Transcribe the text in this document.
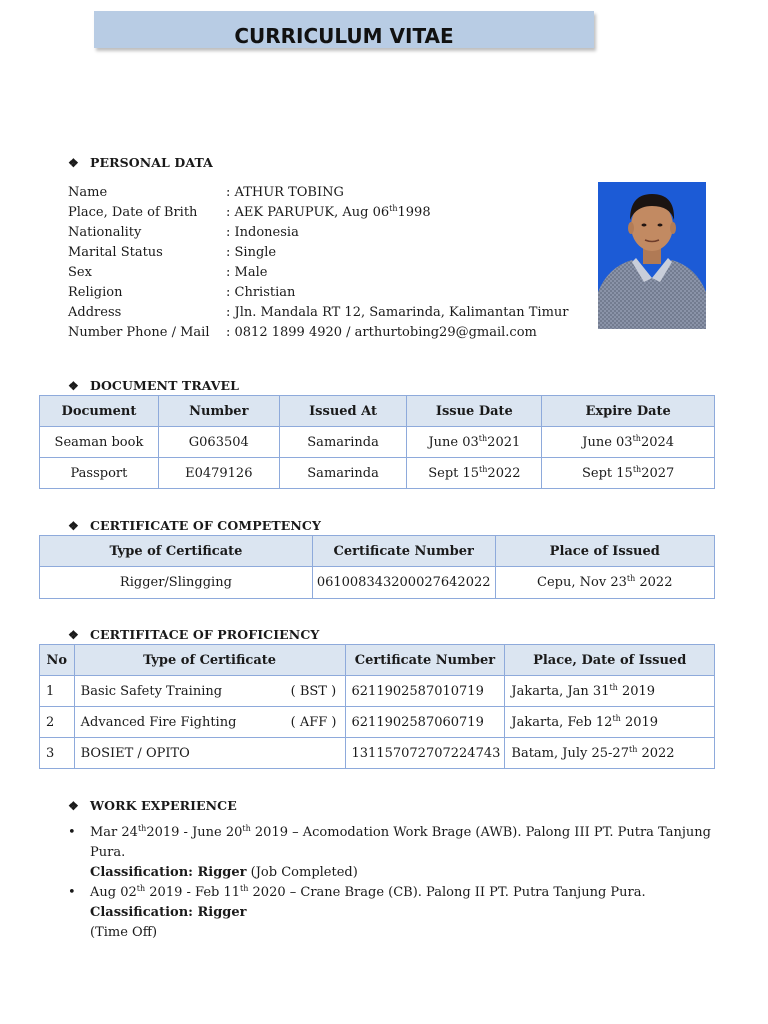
CURRICULUM VITAE
❖ PERSONAL DATA
Name	: ATHUR TOBING
Place, Date of Brith : AEK PARUPUK, Aug 06th1998
Nationality	: Indonesia
Marital Status	: Single
Sex	: Male
Religion	: Christian
Address	: Jln. Mandala RT 12, Samarinda, Kalimantan Timur
Number Phone / Mail : 0812 1899 4920 / arthurtobing29@gmail.com
❖ DOCUMENT TRAVEL
Document	Number	Issued At	Issue Date	Expire Date
Seaman book	G063504	Samarinda	June 03th2021	June 03th2024
Passport	E0479126	Samarinda	Sept 15th2022	Sept 15th2027
❖ CERTIFICATE OF COMPETENCY
Type of Certificate	Certificate Number	Place of Issued
Rigger/Slingging	061008343200027642022	Cepu, Nov 23th 2022
❖ CERTIFITACE OF PROFICIENCY
No	Type of Certificate	Certificate Number	Place, Date of Issued
1	Basic Safety Training ( BST )	6211902587010719	Jakarta, Jan 31th 2019
2	Advanced Fire Fighting ( AFF )	6211902587060719	Jakarta, Feb 12th 2019
3	BOSIET / OPITO	131157072707224743	Batam, July 25-27th 2022
❖ WORK EXPERIENCE
• Mar 24th2019 - June 20th 2019 – Acomodation Work Brage (AWB). Palong III PT. Putra Tanjung Pura.
Classification: Rigger (Job Completed)
• Aug 02th 2019 - Feb 11th 2020 – Crane Brage (CB). Palong II PT. Putra Tanjung Pura. Classification: Rigger
(Time Off)
